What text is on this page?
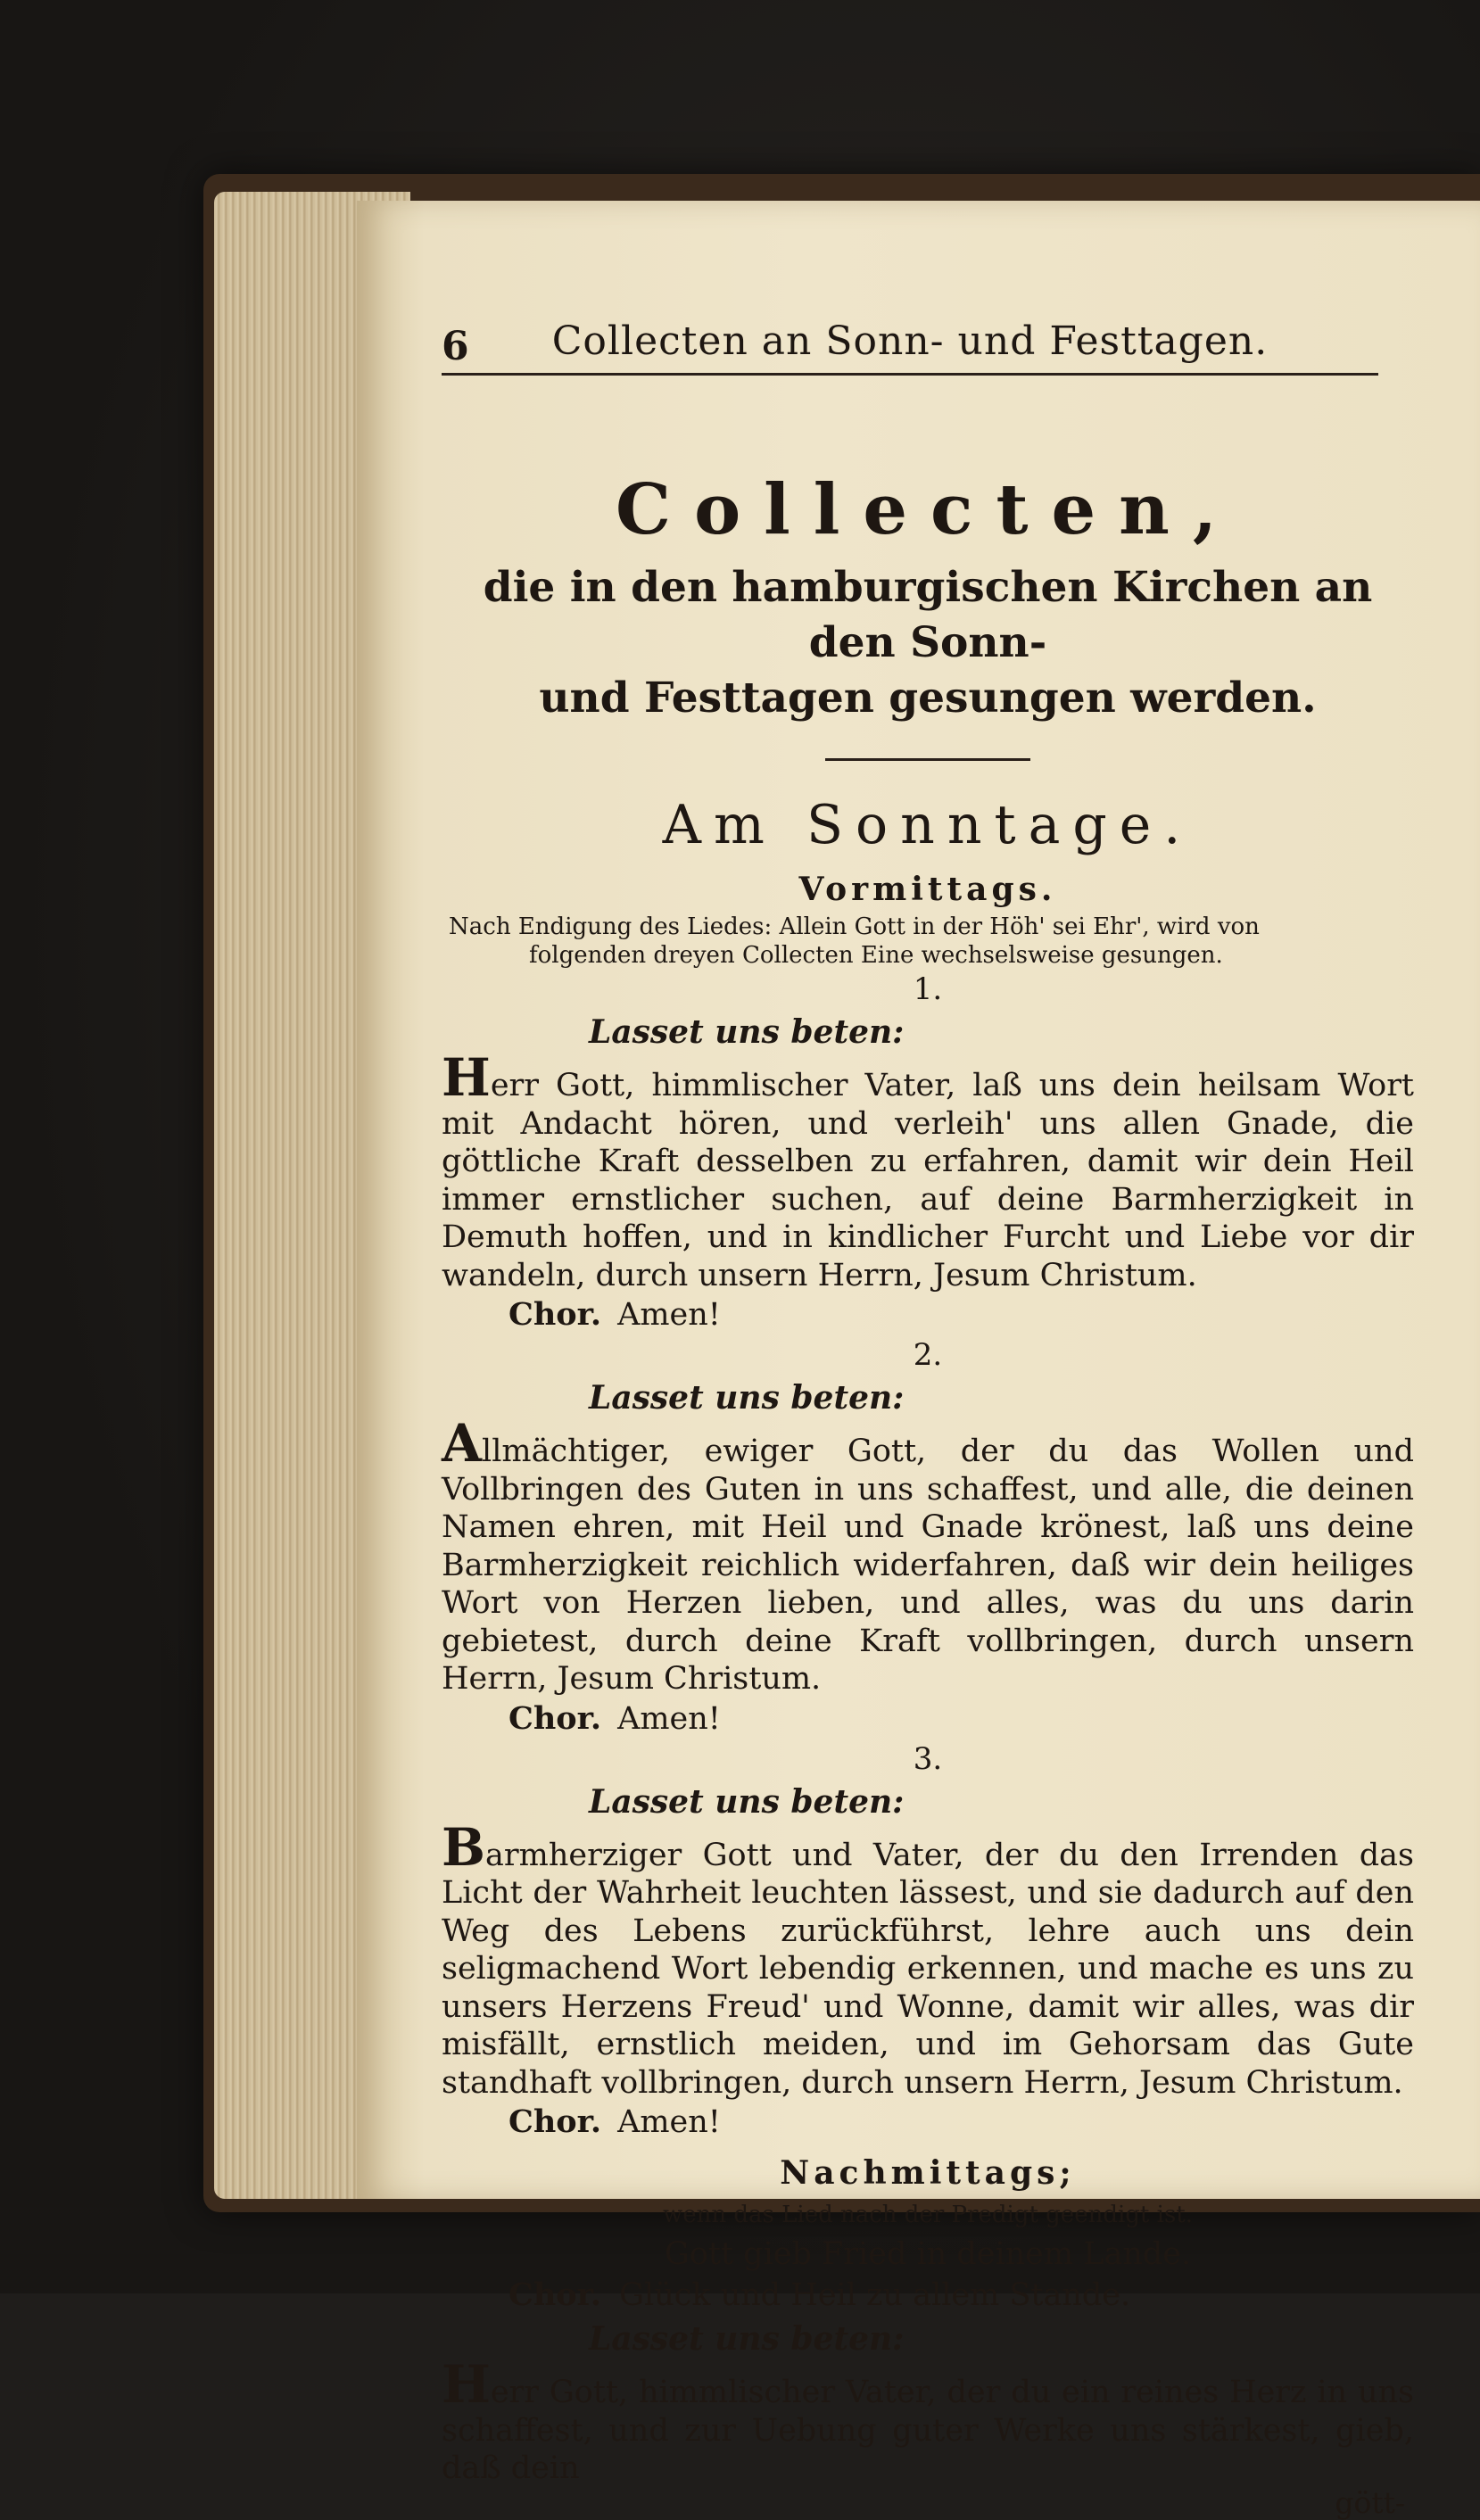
6	Collecten an Sonn- und Festtagen.
Collecten,
die in den hamburgischen Kirchen an den Sonn-
und Festtagen gesungen werden.
Am Sonntage.
Vormittags.
Nach Endigung des Liedes: Allein Gott in der Höh' sei Ehr', wird von
folgenden dreyen Collecten Eine wechselsweise gesungen.
1.
Lasset uns beten:
Herr Gott, himmlischer Vater, laß uns dein heilsam Wort mit Andacht hören, und verleih' uns allen Gnade, die göttliche Kraft desselben zu erfahren, damit wir dein Heil immer ernstlicher suchen, auf deine Barmherzigkeit in Demuth hoffen, und in kindlicher Furcht und Liebe vor dir wandeln, durch unsern Herrn, Jesum Christum.
Chor. Amen!
2.
Lasset uns beten:
Allmächtiger, ewiger Gott, der du das Wollen und Vollbringen des Guten in uns schaffest, und alle, die deinen Namen ehren, mit Heil und Gnade krönest, laß uns deine Barmherzigkeit reichlich widerfahren, daß wir dein heiliges Wort von Herzen lieben, und alles, was du uns darin gebietest, durch deine Kraft vollbringen, durch unsern Herrn, Jesum Christum.
Chor. Amen!
3.
Lasset uns beten:
Barmherziger Gott und Vater, der du den Irrenden das Licht der Wahrheit leuchten lässest, und sie dadurch auf den Weg des Lebens zurückführst, lehre auch uns dein seligmachend Wort lebendig erkennen, und mache es uns zu unsers Herzens Freud' und Wonne, damit wir alles, was dir misfällt, ernstlich meiden, und im Gehorsam das Gute standhaft vollbringen, durch unsern Herrn, Jesum Christum.
Chor. Amen!
Nachmittags;
wenn das Lied nach der Predigt geendigt ist.
Gott gieb Fried in deinem Lande.
Chor. Glück und Heil zu allem Stande.
Lasset uns beten:
Herr Gott, himmlischer Vater, der du ein reines Herz in uns schaffest, und zur Uebung guter Werke uns stärkest, gieb, daß dein
gött-
